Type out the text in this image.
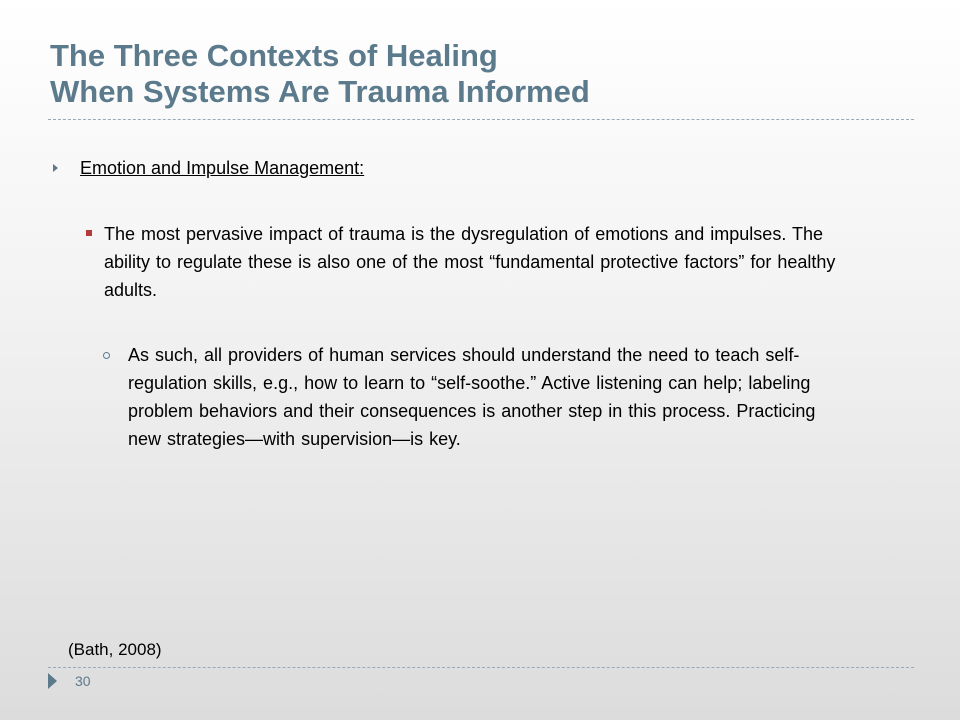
The Three Contexts of Healing
When Systems Are Trauma Informed
Emotion and Impulse Management:
The most pervasive impact of trauma is the dysregulation of emotions and impulses. The ability to regulate these is also one of the most “fundamental protective factors” for healthy adults.
As such, all providers of human services should understand the need to teach self-regulation skills, e.g., how to learn to “self-soothe.” Active listening can help; labeling problem behaviors and their consequences is another step in this process. Practicing new strategies—with supervision—is key.
(Bath, 2008)
30
